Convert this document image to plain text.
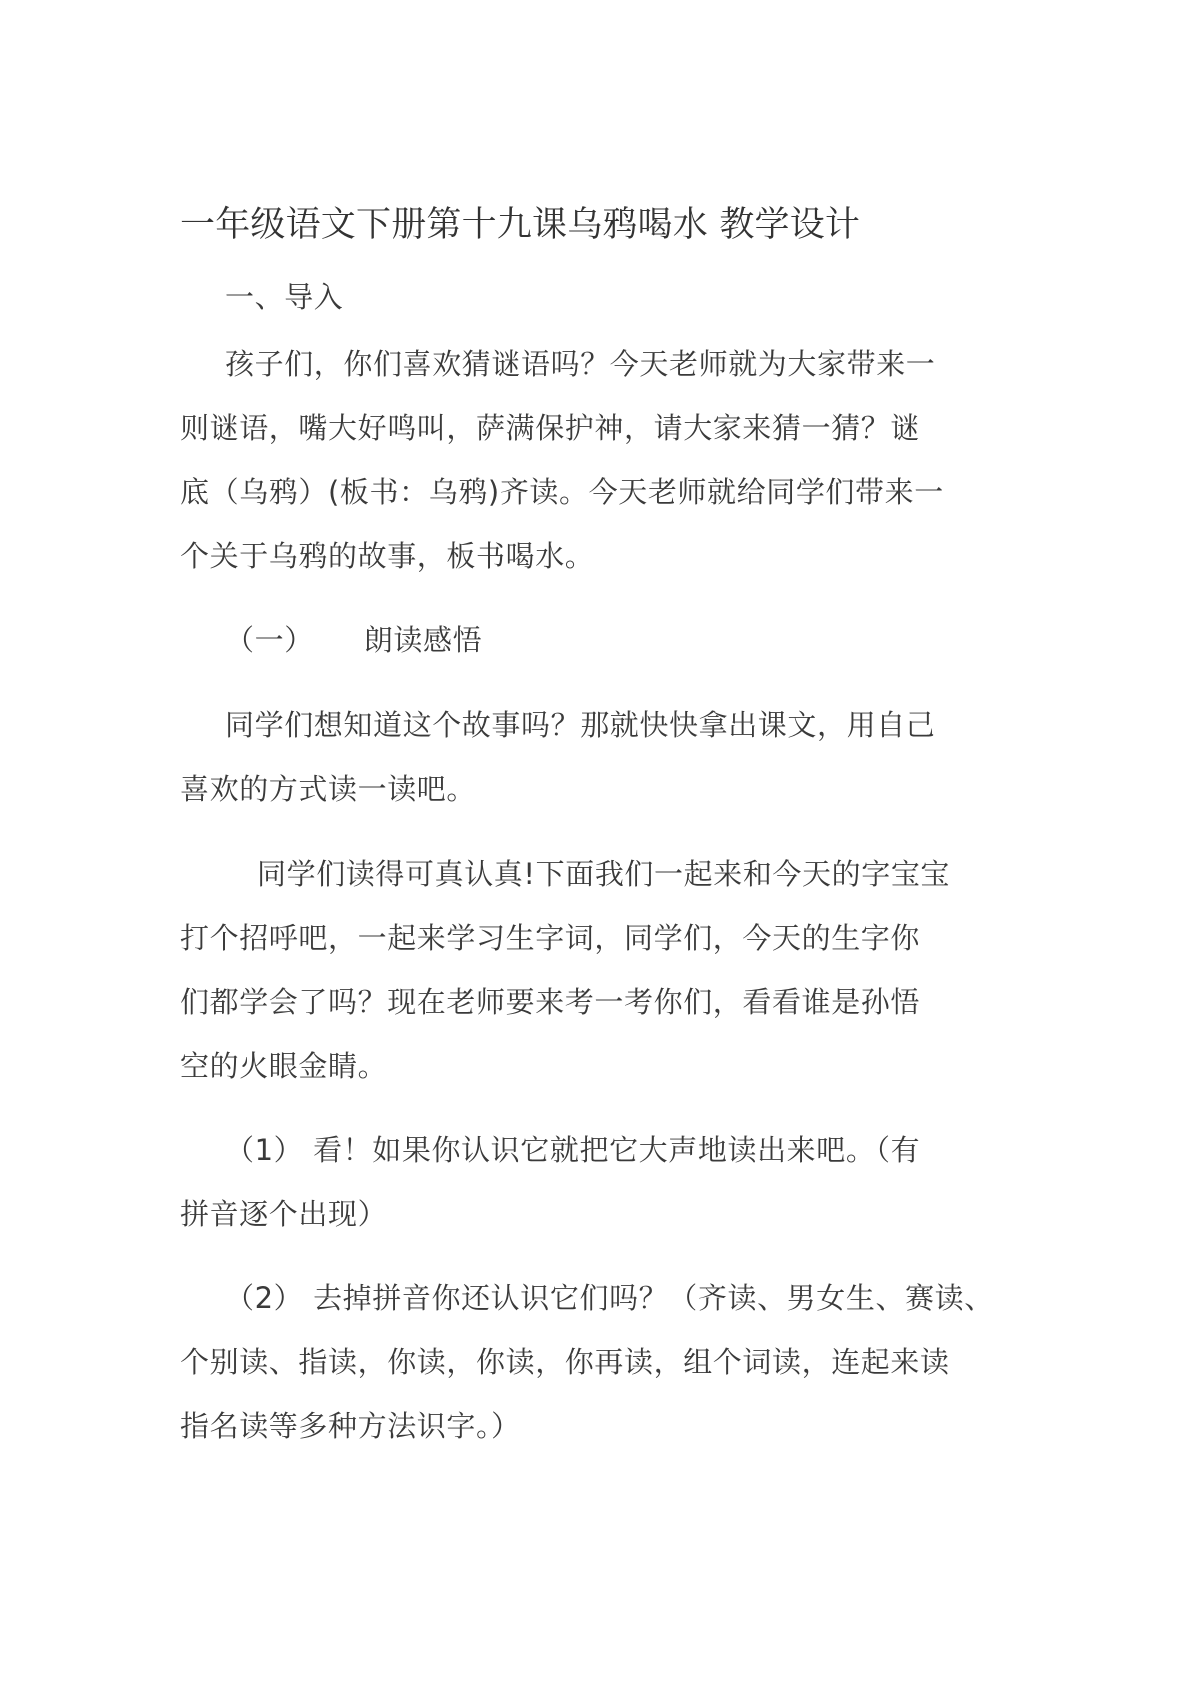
一年级语文下册第十九课乌鸦喝水 教学设计

一、导入

孩子们，你们喜欢猜谜语吗？今天老师就为大家带来一

则谜语，嘴大好鸣叫，萨满保护神，请大家来猜一猜？谜

底（乌鸦）(板书：乌鸦)齐读。今天老师就给同学们带来一

个关于乌鸦的故事，板书喝水。

（一） 朗读感悟

同学们想知道这个故事吗？那就快快拿出课文，用自己

喜欢的方式读一读吧。

同学们读得可真认真!下面我们一起来和今天的字宝宝

打个招呼吧，一起来学习生字词，同学们，今天的生字你

们都学会了吗？现在老师要来考一考你们，看看谁是孙悟

空的火眼金睛。

（1） 看！如果你认识它就把它大声地读出来吧。（有

拼音逐个出现）

（2） 去掉拼音你还认识它们吗？（齐读、男女生、赛读、

个别读、指读，你读，你读，你再读，组个词读，连起来读

指名读等多种方法识字。）
